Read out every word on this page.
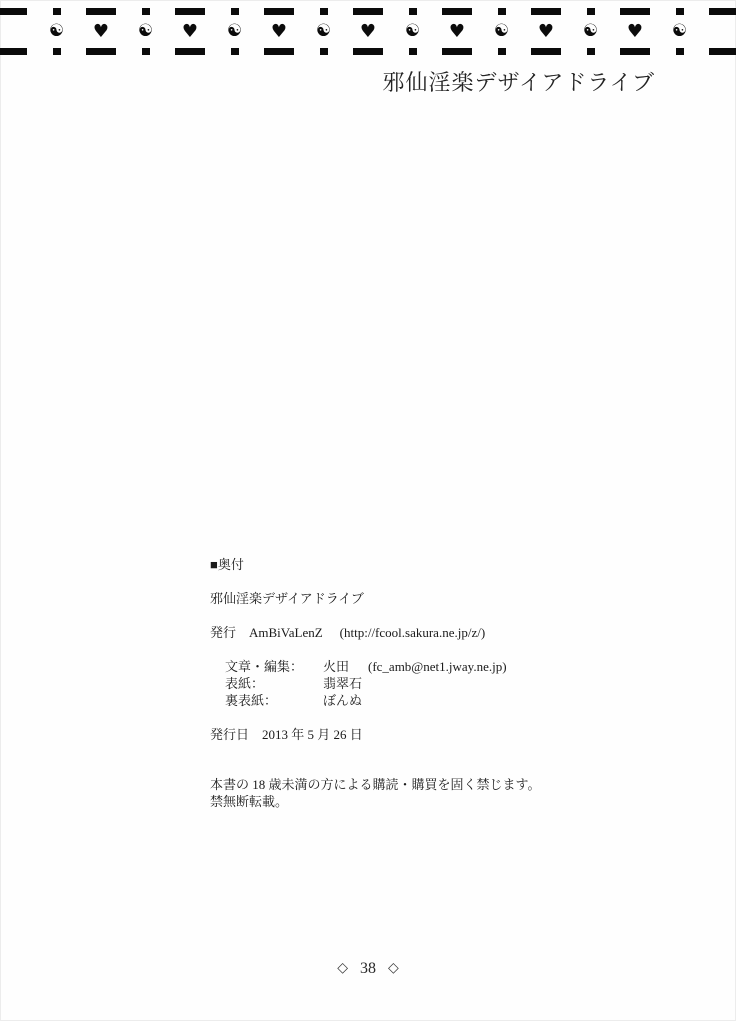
☯ ♥ ☯ ♥ ☯ ♥ ☯ ♥ ☯ ♥ ☯ ♥ ☯ ♥ ☯
邪仙淫楽デザイアドライブ
■奥付
邪仙淫楽デザイアドライブ
発行 AmBiVaLenZ (http://fcool.sakura.ne.jp/z/)
文章・編集：	火田	(fc_amb@net1.jway.ne.jp)
表紙：	翡翠石
裏表紙：	ぼんぬ
発行日 2013 年 5 月 26 日
本書の 18 歳未満の方による購読・購買を固く禁じます。
禁無断転載。
◇ 38 ◇
